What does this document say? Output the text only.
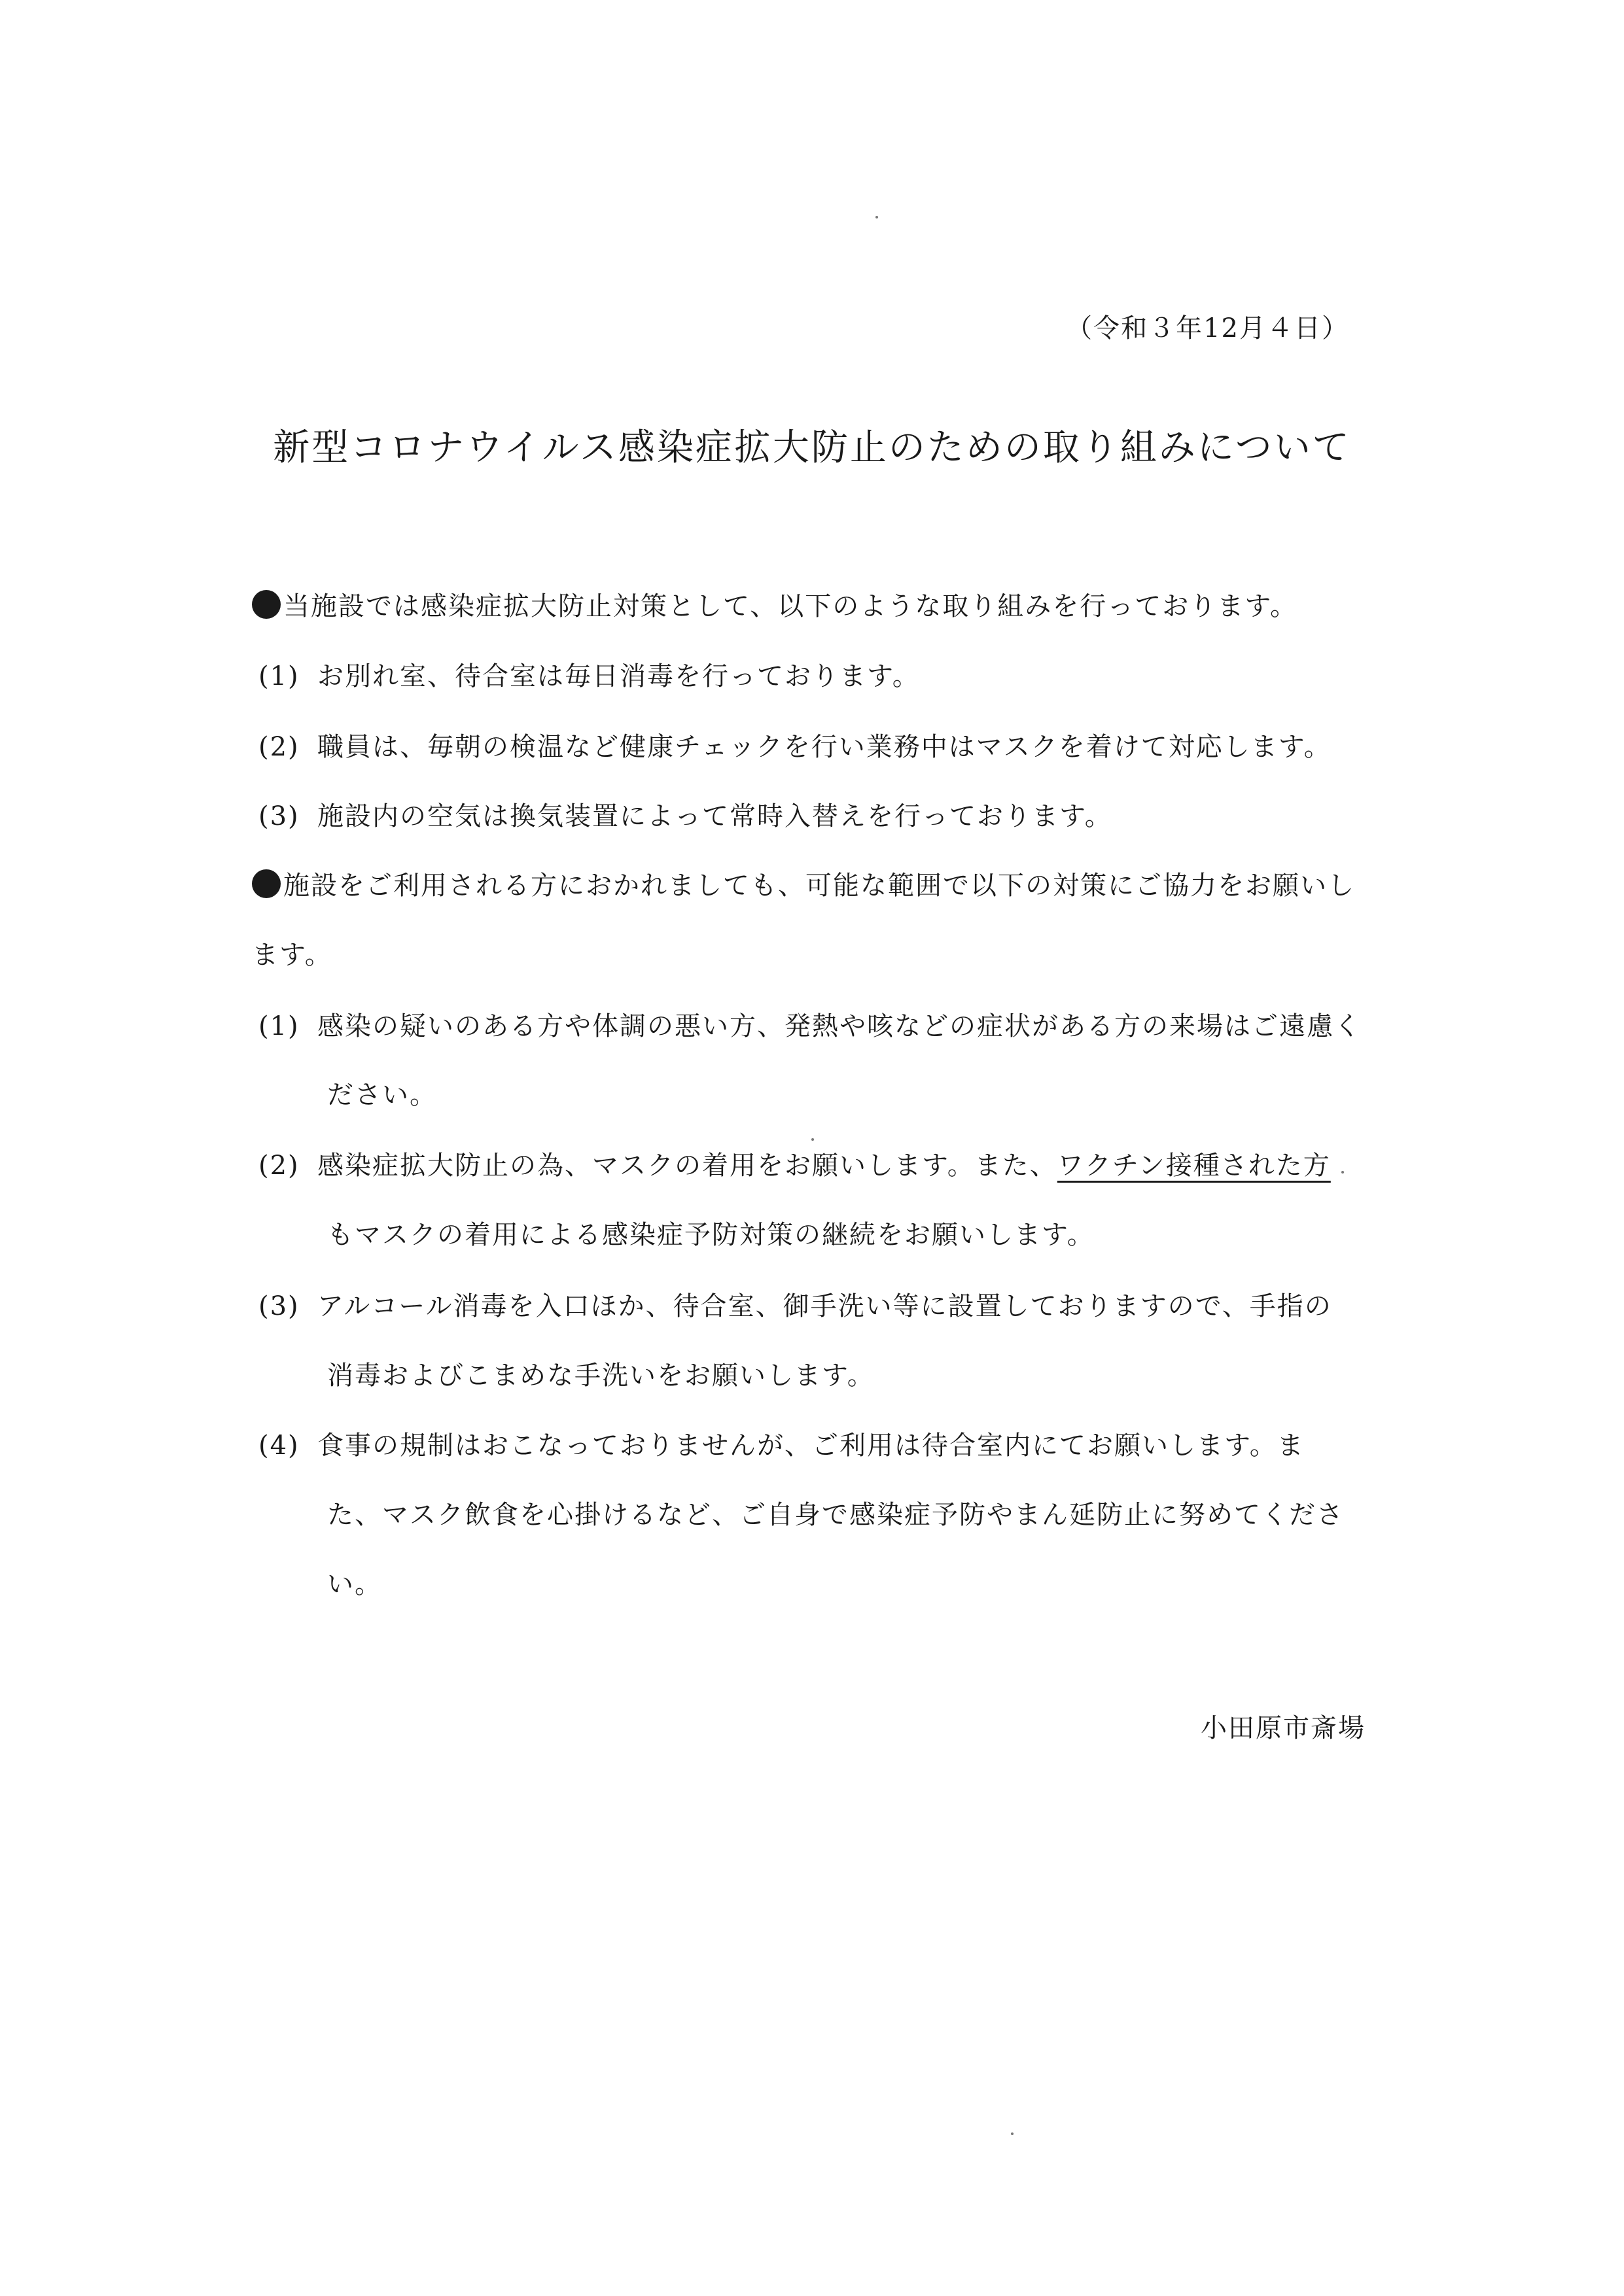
（令和３年12月４日）
新型コロナウイルス感染症拡大防止のための取り組みについて
当施設では感染症拡大防止対策として、以下のような取り組みを行っております。
(1) お別れ室、待合室は毎日消毒を行っております。
(2) 職員は、毎朝の検温など健康チェックを行い業務中はマスクを着けて対応します。
(3) 施設内の空気は換気装置によって常時入替えを行っております。
施設をご利用される方におかれましても、可能な範囲で以下の対策にご協力をお願いし
ます。
(1) 感染の疑いのある方や体調の悪い方、発熱や咳などの症状がある方の来場はご遠慮く
ださい。
(2) 感染症拡大防止の為、マスクの着用をお願いします。また、ワクチン接種された方
もマスクの着用による感染症予防対策の継続をお願いします。
(3) アルコール消毒を入口ほか、待合室、御手洗い等に設置しておりますので、手指の
消毒およびこまめな手洗いをお願いします。
(4) 食事の規制はおこなっておりませんが、ご利用は待合室内にてお願いします。ま
た、マスク飲食を心掛けるなど、ご自身で感染症予防やまん延防止に努めてくださ
い。
小田原市斎場
